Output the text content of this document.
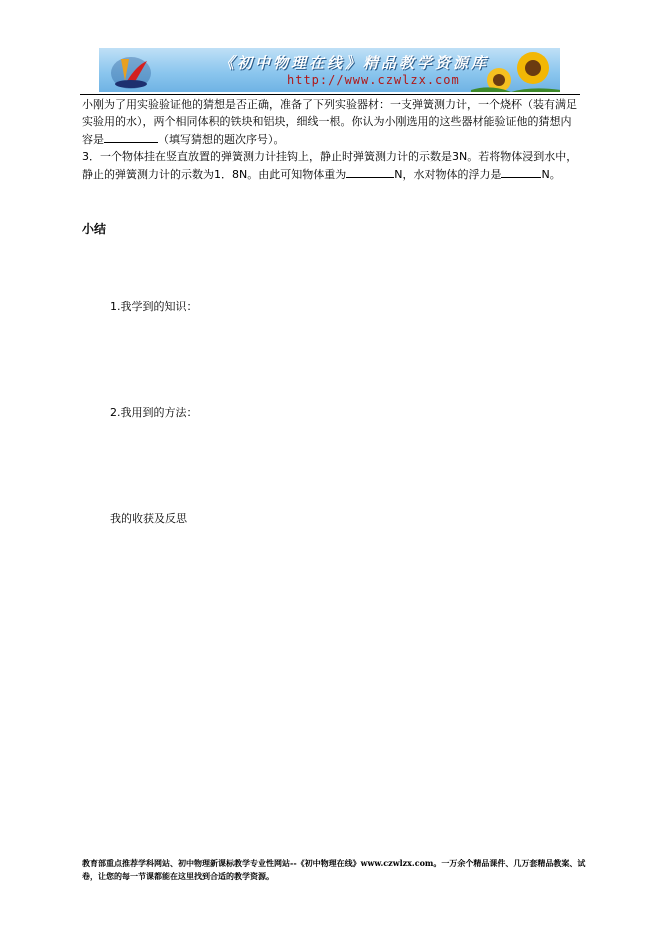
《初中物理在线》精品教学资源库
http://www.czwlzx.com
小刚为了用实验验证他的猜想是否正确，准备了下列实验器材：一支弹簧测力计，一个烧杯（装有满足实验用的水），两个相同体积的铁块和铝块，细线一根。你认为小刚选用的这些器材能验证他的猜想内容是	（填写猜想的题次序号）。
3．一个物体挂在竖直放置的弹簧测力计挂钩上，静止时弹簧测力计的示数是3N。若将物体浸到水中，静止的弹簧测力计的示数为1．8N。由此可知物体重为	N，水对物体的浮力是	N。
小结
1.我学到的知识：
2.我用到的方法：
我的收获及反思
教育部重点推荐学科网站、初中物理新课标教学专业性网站--《初中物理在线》www.czwlzx.com。一万余个精品课件、几万套精品教案、试卷，让您的每一节课都能在这里找到合适的教学资源。
